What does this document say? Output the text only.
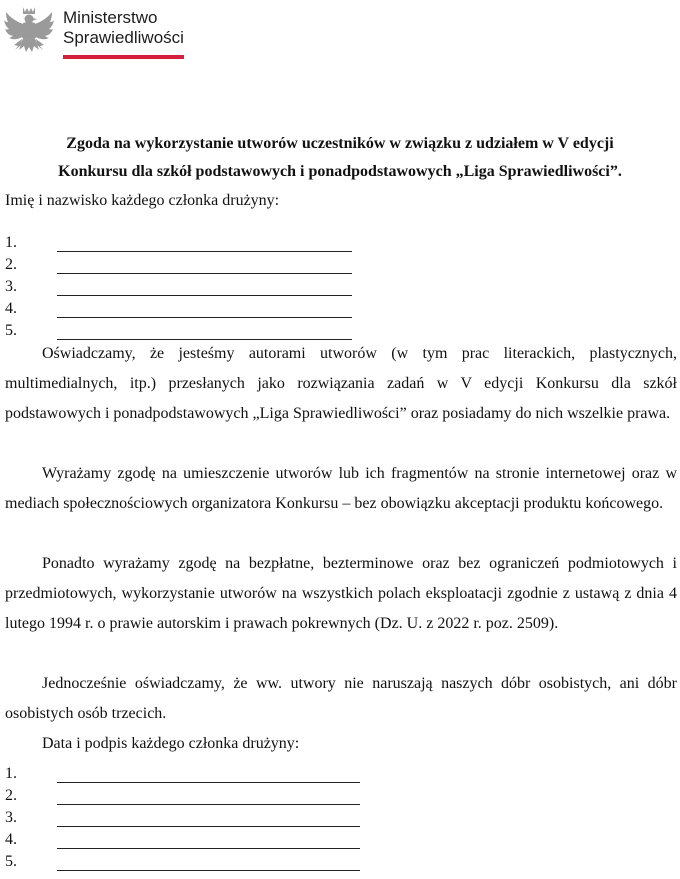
Ministerstwo
Sprawiedliwości
Zgoda na wykorzystanie utworów uczestników w związku z udziałem w V edycji
Konkursu dla szkół podstawowych i ponadpodstawowych „Liga Sprawiedliwości”.
Imię i nazwisko każdego członka drużyny:
1.
2.
3.
4.
5.
Oświadczamy, że jesteśmy autorami utworów (w tym prac literackich, plastycznych, multimedialnych, itp.) przesłanych jako rozwiązania zadań w V edycji Konkursu dla szkół podstawowych i ponadpodstawowych „Liga Sprawiedliwości” oraz posiadamy do nich wszelkie prawa.
Wyrażamy zgodę na umieszczenie utworów lub ich fragmentów na stronie internetowej oraz w mediach społecznościowych organizatora Konkursu – bez obowiązku akceptacji produktu końcowego.
Ponadto wyrażamy zgodę na bezpłatne, bezterminowe oraz bez ograniczeń podmiotowych i przedmiotowych, wykorzystanie utworów na wszystkich polach eksploatacji zgodnie z ustawą z dnia 4 lutego 1994 r. o prawie autorskim i prawach pokrewnych (Dz. U. z 2022 r. poz. 2509).
Jednocześnie oświadczamy, że ww. utwory nie naruszają naszych dóbr osobistych, ani dóbr osobistych osób trzecich.
Data i podpis każdego członka drużyny:
1.
2.
3.
4.
5.
